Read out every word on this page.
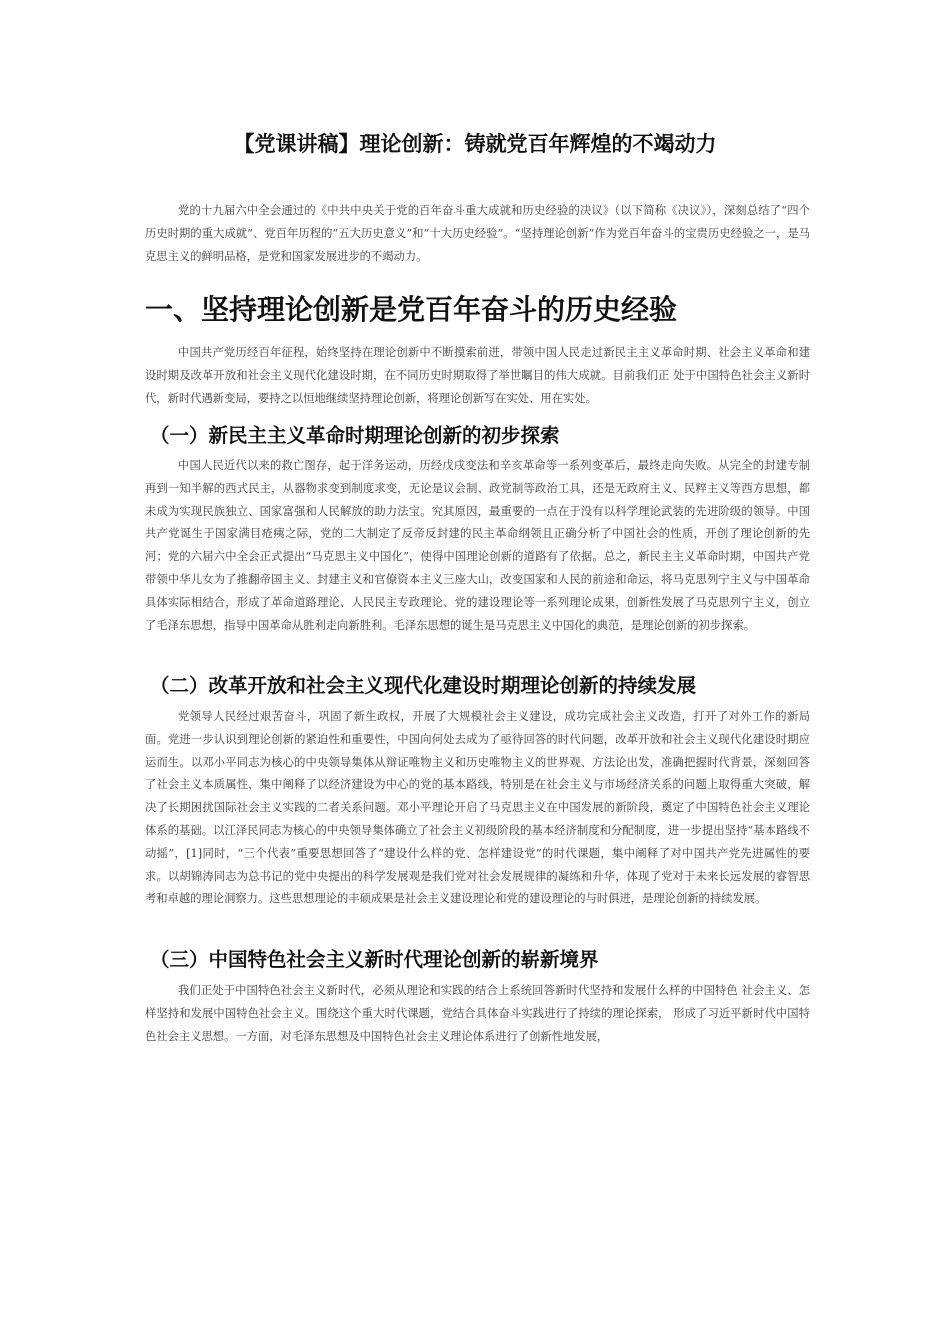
【党课讲稿】理论创新：铸就党百年辉煌的不竭动力

党的十九届六中全会通过的《中共中央关于党的百年奋斗重大成就和历史经验的决议》（以下简称《决议》），深刻总结了“四个历史时期的重大成就”、党百年历程的“五大历史意义”和“十大历史经验”。“坚持理论创新”作为党百年奋斗的宝贵历史经验之一，是马克思主义的鲜明品格，是党和国家发展进步的不竭动力。

一、坚持理论创新是党百年奋斗的历史经验

中国共产党历经百年征程，始终坚持在理论创新中不断摸索前进，带领中国人民走过新民主主义革命时期、社会主义革命和建设时期及改革开放和社会主义现代化建设时期，在不同历史时期取得了举世瞩目的伟大成就。目前我们正 处于中国特色社会主义新时代，新时代遇新变局，要持之以恒地继续坚持理论创新，将理论创新写在实处、用在实处。

（一）新民主主义革命时期理论创新的初步探索

中国人民近代以来的救亡图存，起于洋务运动，历经戊戌变法和辛亥革命等一系列变革后，最终走向失败。从完全的封建专制再到一知半解的西式民主，从器物求变到制度求变，无论是议会制、政党制等政治工具，还是无政府主义、民粹主义等西方思想，都未成为实现民族独立、国家富强和人民解放的助力法宝。究其原因，最重要的一点在于没有以科学理论武装的先进阶级的领导。中国共产党诞生于国家满目疮痍之际，党的二大制定了反帝反封建的民主革命纲领且正确分析了中国社会的性质，开创了理论创新的先河；党的六届六中全会正式提出“马克思主义中国化”，使得中国理论创新的道路有了依据。总之，新民主主义革命时期，中国共产党带领中华儿女为了推翻帝国主义、封建主义和官僚资本主义三座大山，改变国家和人民的前途和命运，将马克思列宁主义与中国革命具体实际相结合，形成了革命道路理论、人民民主专政理论、党的建设理论等一系列理论成果，创新性发展了马克思列宁主义，创立了毛泽东思想，指导中国革命从胜利走向新胜利。毛泽东思想的诞生是马克思主义中国化的典范，是理论创新的初步探索。

（二）改革开放和社会主义现代化建设时期理论创新的持续发展

党领导人民经过艰苦奋斗，巩固了新生政权，开展了大规模社会主义建设，成功完成社会主义改造，打开了对外工作的新局面。党进一步认识到理论创新的紧迫性和重要性，中国向何处去成为了亟待回答的时代问题，改革开放和社会主义现代化建设时期应运而生。以邓小平同志为核心的中央领导集体从辩证唯物主义和历史唯物主义的世界观、方法论出发，准确把握时代背景，深刻回答了社会主义本质属性，集中阐释了以经济建设为中心的党的基本路线，特别是在社会主义与市场经济关系的问题上取得重大突破，解决了长期困扰国际社会主义实践的二者关系问题。邓小平理论开启了马克思主义在中国发展的新阶段，奠定了中国特色社会主义理论体系的基础。以江泽民同志为核心的中央领导集体确立了社会主义初级阶段的基本经济制度和分配制度，进一步提出坚持“基本路线不动摇”，[1]同时，“三个代表”重要思想回答了“建设什么样的党、怎样建设党”的时代课题，集中阐释了对中国共产党先进属性的要求。以胡锦涛同志为总书记的党中央提出的科学发展观是我们党对社会发展规律的凝练和升华，体现了党对于未来长远发展的睿智思考和卓越的理论洞察力。这些思想理论的丰硕成果是社会主义建设理论和党的建设理论的与时俱进，是理论创新的持续发展。

（三）中国特色社会主义新时代理论创新的崭新境界

我们正处于中国特色社会主义新时代，必须从理论和实践的结合上系统回答新时代坚持和发展什么样的中国特色 社会主义、怎样坚持和发展中国特色社会主义。围绕这个重大时代课题，党结合具体奋斗实践进行了持续的理论探索， 形成了习近平新时代中国特色社会主义思想。一方面，对毛泽东思想及中国特色社会主义理论体系进行了创新性地发展，
